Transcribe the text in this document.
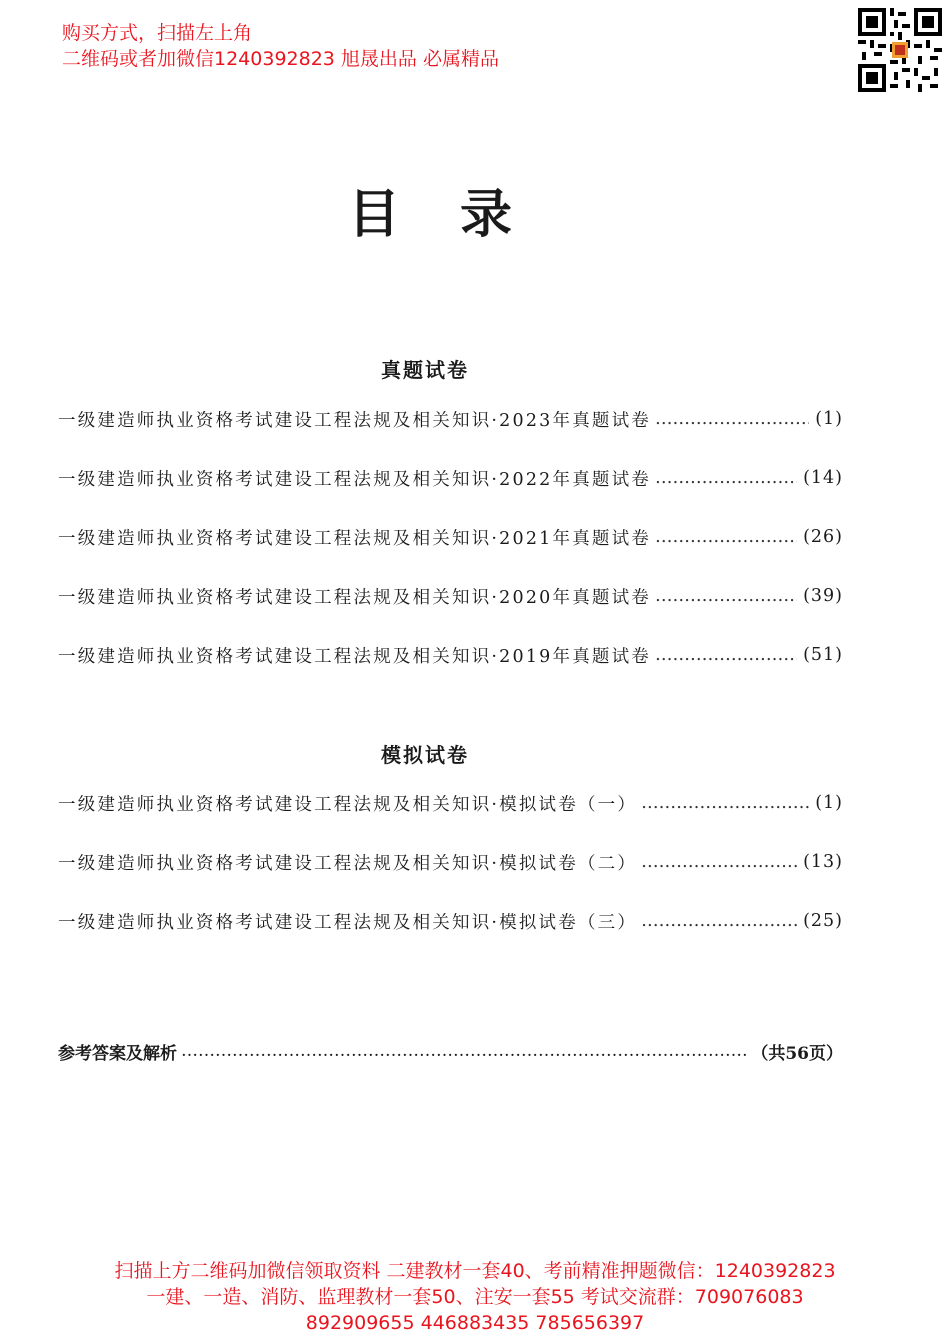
购买方式，扫描左上角
二维码或者加微信1240392823 旭晟出品 必属精品
目录
真题试卷
一级建造师执业资格考试建设工程法规及相关知识·2023年真题试卷 …………………………………………………………………………	(1)
一级建造师执业资格考试建设工程法规及相关知识·2022年真题试卷 …………………………………………………………………………	(14)
一级建造师执业资格考试建设工程法规及相关知识·2021年真题试卷 …………………………………………………………………………	(26)
一级建造师执业资格考试建设工程法规及相关知识·2020年真题试卷 …………………………………………………………………………	(39)
一级建造师执业资格考试建设工程法规及相关知识·2019年真题试卷 …………………………………………………………………………	(51)
模拟试卷
一级建造师执业资格考试建设工程法规及相关知识·模拟试卷（一） …………………………………………………………………………	(1)
一级建造师执业资格考试建设工程法规及相关知识·模拟试卷（二） …………………………………………………………………………	(13)
一级建造师执业资格考试建设工程法规及相关知识·模拟试卷（三） …………………………………………………………………………	(25)
参考答案及解析 ………………………………………………………………………………………………………………………………	（共56页）
扫描上方二维码加微信领取资料 二建教材一套40、考前精准押题微信：1240392823
一建、一造、消防、监理教材一套50、注安一套55 考试交流群：709076083
892909655 446883435 785656397
